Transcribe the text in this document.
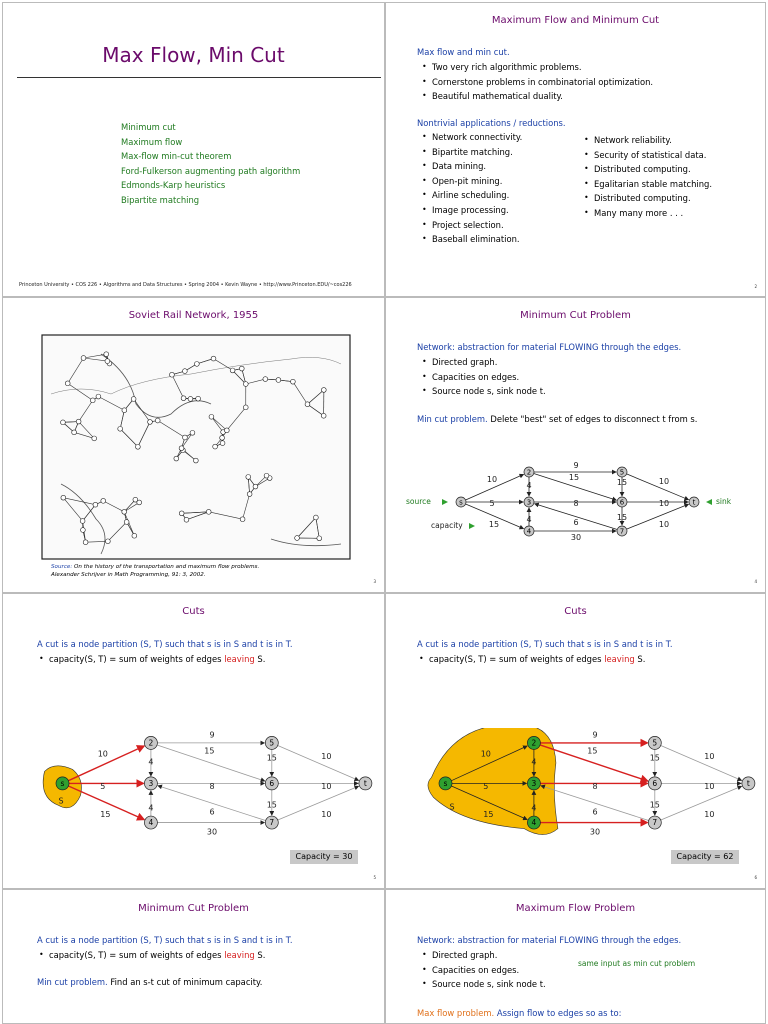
Max Flow, Min Cut
Minimum cut
Maximum flow
Max-flow min-cut theorem
Ford-Fulkerson augmenting path algorithm
Edmonds-Karp heuristics
Bipartite matching
Princeton University • COS 226 • Algorithms and Data Structures • Spring 2004 • Kevin Wayne • http://www.Princeton.EDU/~cos226
Maximum Flow and Minimum Cut
Max flow and min cut.
• Two very rich algorithmic problems.
• Cornerstone problems in combinatorial optimization.
• Beautiful mathematical duality.
Nontrivial applications / reductions.
• Network connectivity.
• Bipartite matching.
• Data mining.
• Open-pit mining.
• Airline scheduling.
• Image processing.
• Project selection.
• Baseball elimination.
• Network reliability.
• Security of statistical data.
• Distributed computing.
• Egalitarian stable matching.
• Distributed computing.
• Many many more . . .
2
Soviet Rail Network, 1955
Source: On the history of the transportation and maximum flow problems.
Alexander Schrijver in Math Programming, 91: 3, 2002.
3
Minimum Cut Problem
Network: abstraction for material FLOWING through the edges.
• Directed graph.
• Capacities on edges.
• Source node s, sink node t.
Min cut problem. Delete "best" set of edges to disconnect t from s.
9
10
4
15
15	10
5	8	10
15
4	6
15
10
30
s
2
3
4
5
6
7
t
source	sink
capacity
4
Cuts
A cut is a node partition (S, T) such that s is in S and t is in T.
• capacity(S, T) = sum of weights of edges leaving S.
S
9
10
4
15
15	10
5	8	10
15
4	6
15
10
30
s
2
3
4
5
6
7
t
Capacity = 30
5
Cuts
A cut is a node partition (S, T) such that s is in S and t is in T.
• capacity(S, T) = sum of weights of edges leaving S.
S
9
10
4
15
15	10
5	8	10
15
4	6
15
10
30
s
2
3
4
5
6
7
t
Capacity = 62
6
Minimum Cut Problem
A cut is a node partition (S, T) such that s is in S and t is in T.
• capacity(S, T) = sum of weights of edges leaving S.
Min cut problem. Find an s-t cut of minimum capacity.
Maximum Flow Problem
Network: abstraction for material FLOWING through the edges.
• Directed graph.
• Capacities on edges.
• Source node s, sink node t.
same input as min cut problem
Max flow problem. Assign flow to edges so as to:
